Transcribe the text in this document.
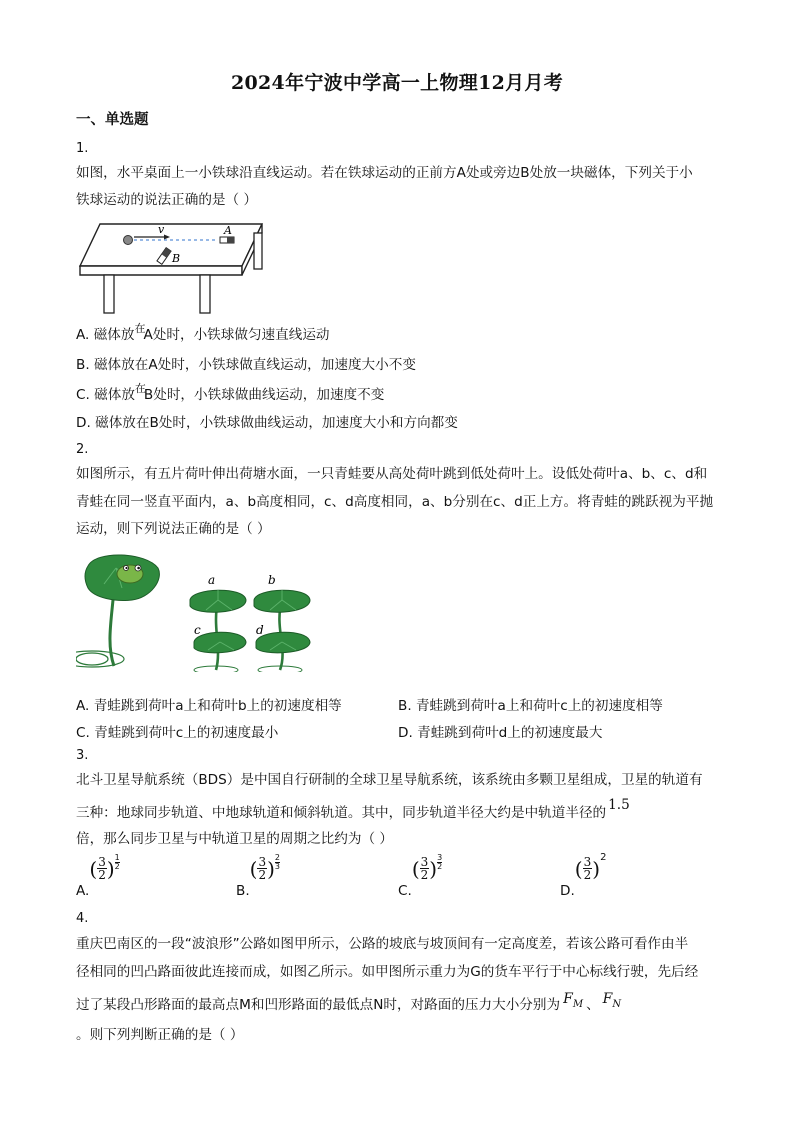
2024年宁波中学高一上物理12月月考
一、单选题
1.
如图，水平桌面上一小铁球沿直线运动。若在铁球运动的正前方A处或旁边B处放一块磁体，下列关于小
铁球运动的说法正确的是（ ）
v	A
B
A. 磁体放$^在$A处时，小铁球做匀速直线运动
B. 磁体放在A处时，小铁球做直线运动，加速度大小不变
C. 磁体放$^在$B处时，小铁球做曲线运动，加速度不变
D. 磁体放在B处时，小铁球做曲线运动，加速度大小和方向都变
2.
如图所示，有五片荷叶伸出荷塘水面，一只青蛙要从高处荷叶跳到低处荷叶上。设低处荷叶a、b、c、d和
青蛙在同一竖直平面内，a、b高度相同，c、d高度相同，a、b分别在c、d正上方。将青蛙的跳跃视为平抛
运动，则下列说法正确的是（ ）
a	b
c	d
A. 青蛙跳到荷叶a上和荷叶b上的初速度相等	B. 青蛙跳到荷叶a上和荷叶c上的初速度相等
C. 青蛙跳到荷叶c上的初速度最小	D. 青蛙跳到荷叶d上的初速度最大
3.
北斗卫星导航系统（BDS）是中国自行研制的全球卫星导航系统，该系统由多颗卫星组成，卫星的轨道有
三种：地球同步轨道、中地球轨道和倾斜轨道。其中，同步轨道半径大约是中轨道半径的 1.5
倍，那么同步卫星与中轨道卫星的周期之比约为（ ）
$A.( \frac{3}{2}$ ) $\frac{1}{2}$
$B.( \frac{3}{2}$ ) $\frac{2}{3}$
$C.( \frac{3}{2}$ ) $\frac{3}{2}$
$D.( \frac{3}{2} )2$
4.
重庆巴南区的一段“波浪形”公路如图甲所示，公路的坡底与坡顶间有一定高度差，若该公路可看作由半
径相同的凹凸路面彼此连接而成，如图乙所示。如甲图所示重力为G的货车平行于中心标线行驶，先后经
过了某段凸形路面的最高点M和凹形路面的最低点N时，对路面的压力大小分别为 $F_M$ 、 $F_N$
。则下列判断正确的是（ ）
